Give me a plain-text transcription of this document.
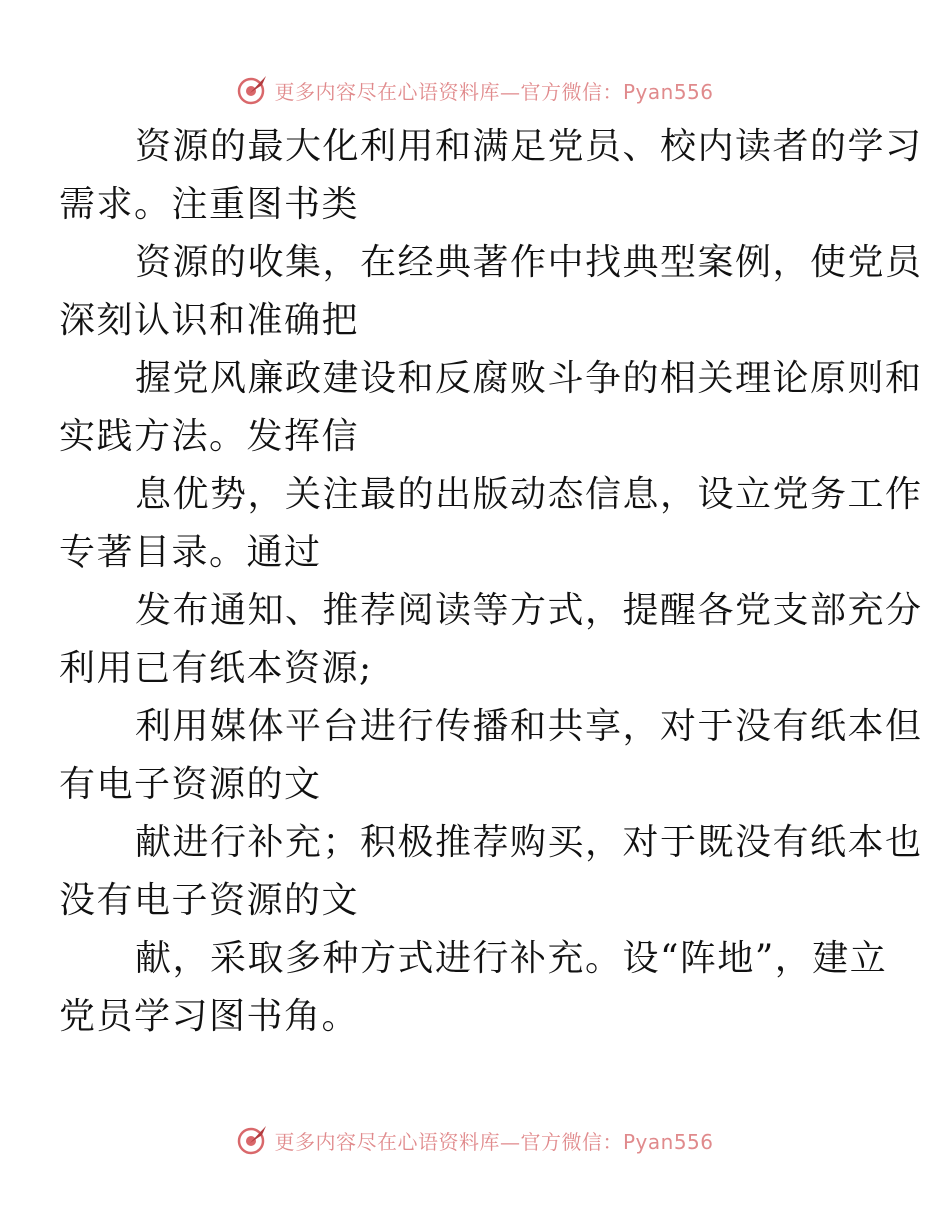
更多内容尽在心语资料库—官方微信：Pyan556

资源的最大化利用和满足党员、校内读者的学习
需求。注重图书类

资源的收集，在经典著作中找典型案例，使党员
深刻认识和准确把

握党风廉政建设和反腐败斗争的相关理论原则和
实践方法。发挥信

息优势，关注最的出版动态信息，设立党务工作
专著目录。通过

发布通知、推荐阅读等方式，提醒各党支部充分
利用已有纸本资源;

利用媒体平台进行传播和共享，对于没有纸本但
有电子资源的文

献进行补充；积极推荐购买，对于既没有纸本也
没有电子资源的文

献，采取多种方式进行补充。设“阵地”，建立
党员学习图书角。

更多内容尽在心语资料库—官方微信：Pyan556
